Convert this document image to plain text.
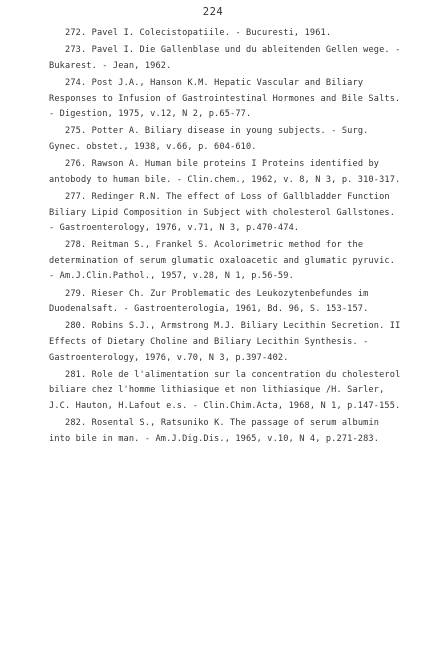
224

272. Pavel I. Colecistopatiile. - Bucuresti, 1961.

273. Pavel I. Die Gallenblase und du ableitenden Gellen wege. - Bukarest. - Jean, 1962.

274. Post J.A., Hanson K.M. Hepatic Vascular and Biliary Responses to Infusion of Gastrointestinal Hormones and Bile Salts. - Digestion, 1975, v.12, N 2, p.65-77.

275. Potter A. Biliary disease in young subjects. - Surg. Gynec. obstet., 1938, v.66, p. 604-610.

276. Rawson A. Human bile proteins I Proteins identified by antobody to human bile. - Clin.chem., 1962, v. 8, N 3, p. 310-317.

277. Redinger R.N. The effect of Loss of Gallbladder Function Biliary Lipid Composition in Subject with cholesterol Gallstones. - Gastroenterology, 1976, v.71, N 3, p.470-474.

278. Reitman S., Frankel S. Acolorimetric method for the determination of serum glumatic oxaloacetic and glumatic pyruvic. - Am.J.Clin.Pathol., 1957, v.28, N 1, p.56-59.

279. Rieser Ch. Zur Problematic des Leukozytenbefundes im Duodenalsaft. - Gastroenterologia, 1961, Bd. 96, S. 153-157.

280. Robins S.J., Armstrong M.J. Biliary Lecithin Secretion. II Effects of Dietary Choline and Biliary Lecithin Synthesis. - Gastroenterology, 1976, v.70, N 3, p.397-402.

281. Role de l'alimentation sur la concentration du cholesterol biliare chez l'homme lithiasique et non lithiasique /H. Sarler, J.C. Hauton, H.Lafout e.s. - Clin.Chim.Acta, 1968, N 1, p.147-155.

282. Rosental S., Ratsuniko K. The passage of serum albumin into bile in man. - Am.J.Dig.Dis., 1965, v.10, N 4, p.271-283.
